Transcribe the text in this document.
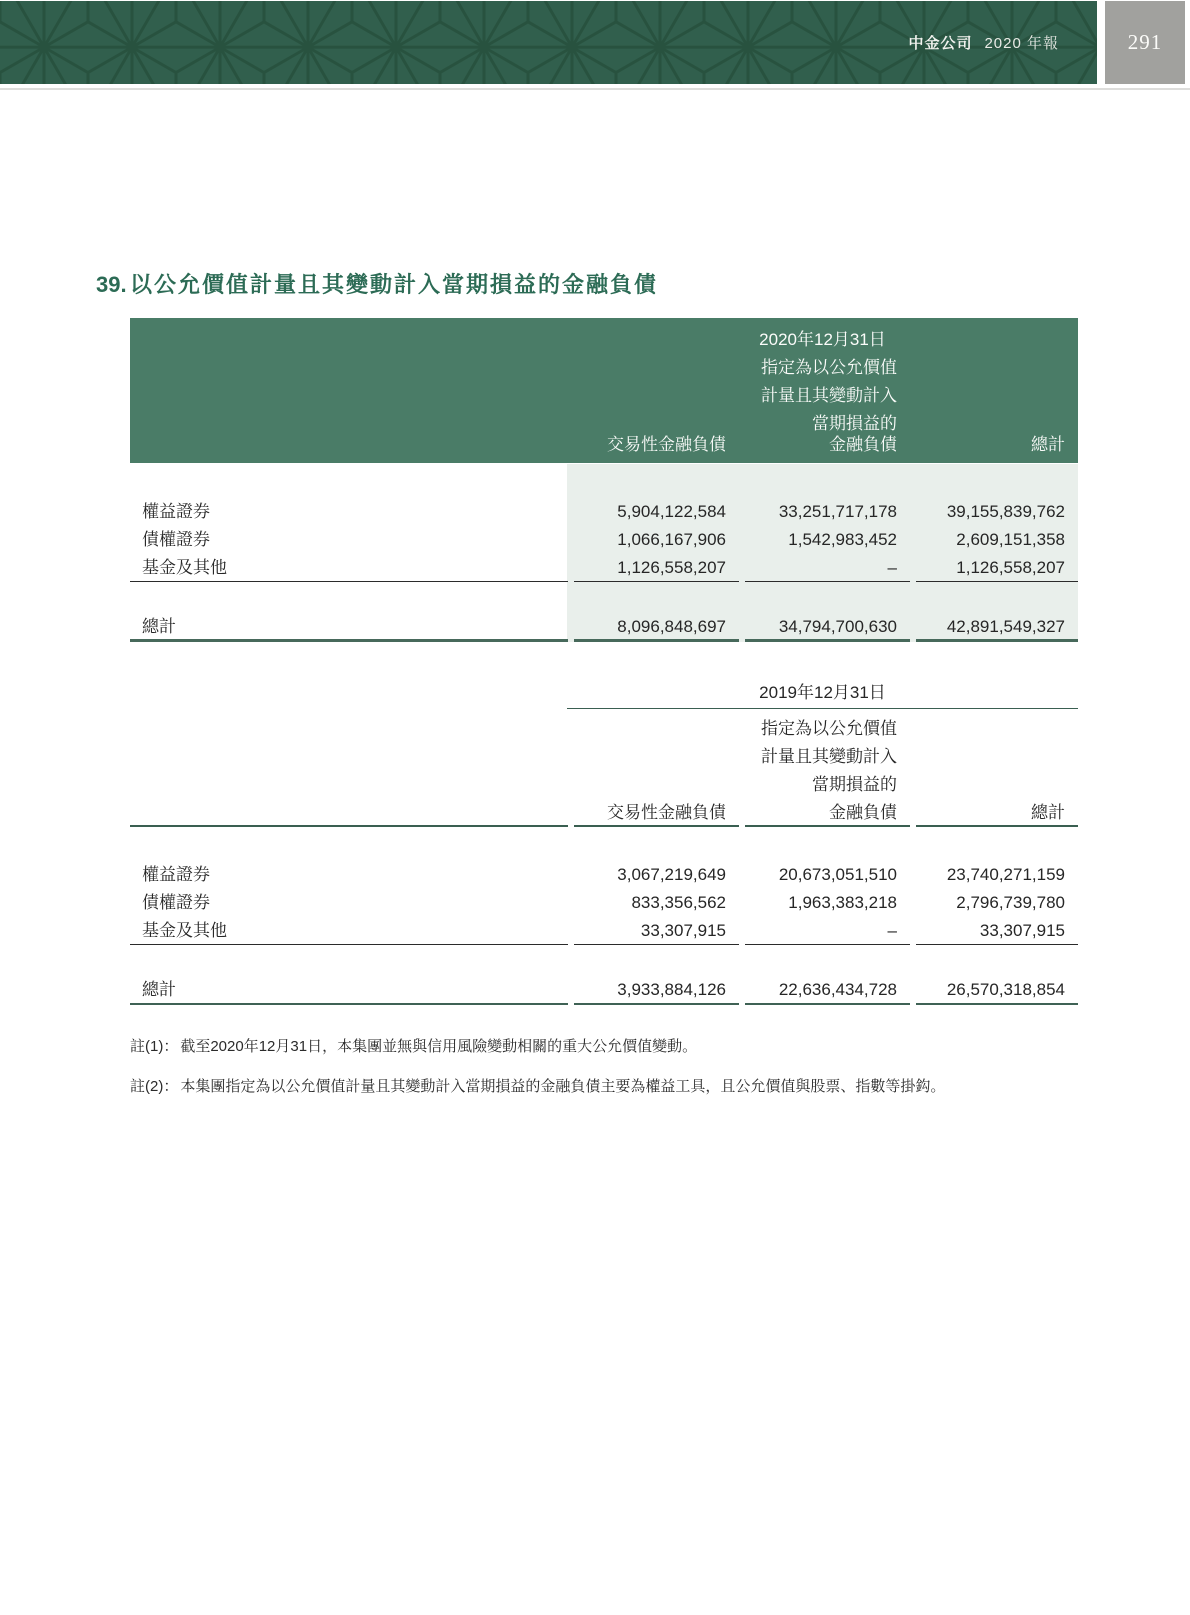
中金公司 2020 年報	291
39. 以公允價值計量且其變動計入當期損益的金融負債
2020年12月31日
指定為以公允價值
計量且其變動計入
當期損益的
交易性金融負債	金融負債	總計
權益證券	5,904,122,584	33,251,717,178	39,155,839,762
債權證券	1,066,167,906	1,542,983,452	2,609,151,358
基金及其他	1,126,558,207	–	1,126,558,207
總計	8,096,848,697	34,794,700,630	42,891,549,327
2019年12月31日
指定為以公允價值
計量且其變動計入
當期損益的
交易性金融負債	金融負債	總計
權益證券	3,067,219,649	20,673,051,510	23,740,271,159
債權證券	833,356,562	1,963,383,218	2,796,739,780
基金及其他	33,307,915	–	33,307,915
總計	3,933,884,126	22,636,434,728	26,570,318,854

註(1)： 截至2020年12月31日，本集團並無與信用風險變動相關的重大公允價值變動。

註(2)： 本集團指定為以公允價值計量且其變動計入當期損益的金融負債主要為權益工具，且公允價值與股票、指數等掛鈎。
